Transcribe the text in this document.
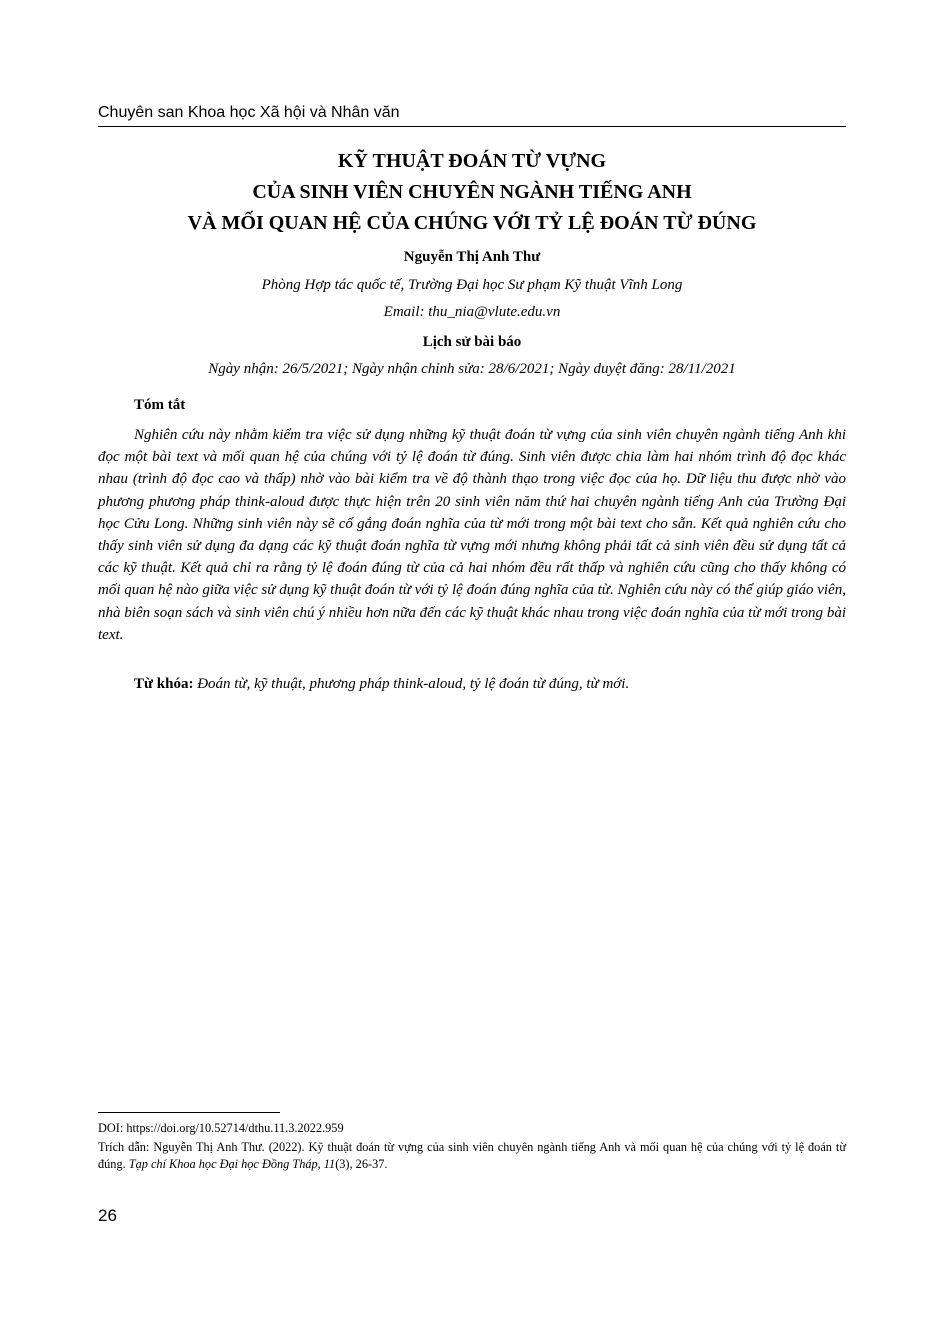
Chuyên san Khoa học Xã hội và Nhân văn
KỸ THUẬT ĐOÁN TỪ VỰNG
CỦA SINH VIÊN CHUYÊN NGÀNH TIẾNG ANH
VÀ MỐI QUAN HỆ CỦA CHÚNG VỚI TỶ LỆ ĐOÁN TỪ ĐÚNG
Nguyễn Thị Anh Thư
Phòng Hợp tác quốc tế, Trường Đại học Sư phạm Kỹ thuật Vĩnh Long
Email: thu_nia@vlute.edu.vn
Lịch sử bài báo
Ngày nhận: 26/5/2021; Ngày nhận chỉnh sửa: 28/6/2021; Ngày duyệt đăng: 28/11/2021
Tóm tắt

Nghiên cứu này nhằm kiểm tra việc sử dụng những kỹ thuật đoán từ vựng của sinh viên chuyên ngành tiếng Anh khi đọc một bài text và mối quan hệ của chúng với tỷ lệ đoán từ đúng. Sinh viên được chia làm hai nhóm trình độ đọc khác nhau (trình độ đọc cao và thấp) nhờ vào bài kiểm tra về độ thành thạo trong việc đọc của họ. Dữ liệu thu được nhờ vào phương phương pháp think-aloud được thực hiện trên 20 sinh viên năm thứ hai chuyên ngành tiếng Anh của Trường Đại học Cửu Long. Những sinh viên này sẽ cố gắng đoán nghĩa của từ mới trong một bài text cho sẵn. Kết quả nghiên cứu cho thấy sinh viên sử dụng đa dạng các kỹ thuật đoán nghĩa từ vựng mới nhưng không phải tất cả sinh viên đều sử dụng tất cả các kỹ thuật. Kết quả chỉ ra rằng tỷ lệ đoán đúng từ của cả hai nhóm đều rất thấp và nghiên cứu cũng cho thấy không có mối quan hệ nào giữa việc sử dụng kỹ thuật đoán từ với tỷ lệ đoán đúng nghĩa của từ. Nghiên cứu này có thể giúp giáo viên, nhà biên soạn sách và sinh viên chú ý nhiều hơn nữa đến các kỹ thuật khác nhau trong việc đoán nghĩa của từ mới trong bài text.

Từ khóa: Đoán từ, kỹ thuật, phương pháp think-aloud, tỷ lệ đoán từ đúng, từ mới.
DOI: https://doi.org/10.52714/dthu.11.3.2022.959
Trích dẫn: Nguyễn Thị Anh Thư. (2022). Kỹ thuật đoán từ vựng của sinh viên chuyên ngành tiếng Anh và mối quan hệ của chúng với tỷ lệ đoán từ đúng. Tạp chí Khoa học Đại học Đồng Tháp, 11(3), 26-37.
26
